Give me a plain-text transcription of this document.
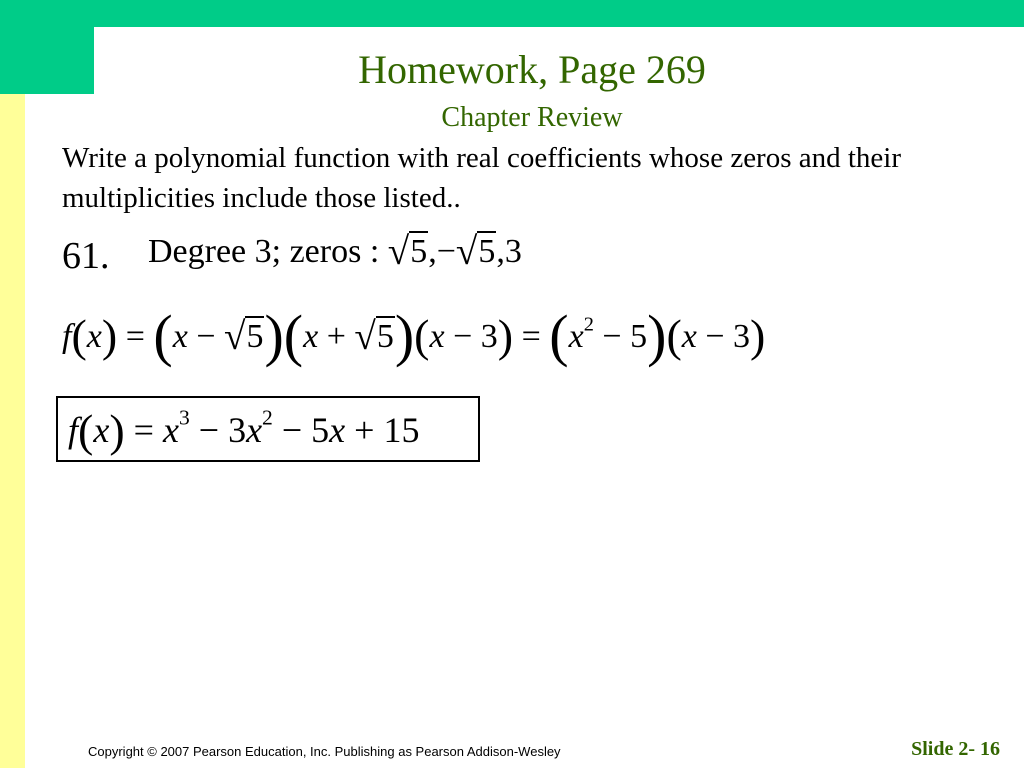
Homework, Page 269
Chapter Review
Write a polynomial function with real coefficients whose zeros and their multiplicities include those listed..
61. Degree 3; zeros : √5,−√5,3
$f(x) = (x - √5)(x + √5)(x - 3) = (x^2 - 5)(x - 3)$
$f(x) = x^3 - 3x^2 - 5x + 15$
Copyright © 2007 Pearson Education, Inc. Publishing as Pearson Addison-Wesley	Slide 2- 16
